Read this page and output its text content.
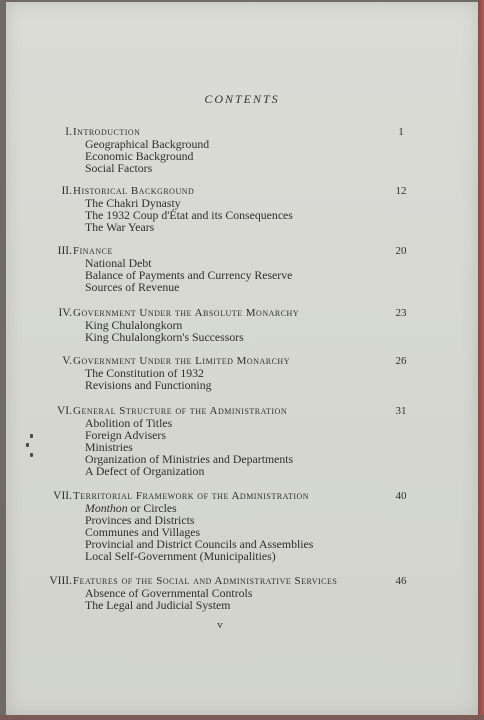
CONTENTS
I. Introduction	1
Geographical Background
Economic Background
Social Factors
II. Historical Background	12
The Chakri Dynasty
The 1932 Coup d'État and its Consequences
The War Years
III. Finance	20
National Debt
Balance of Payments and Currency Reserve
Sources of Revenue
IV. Government Under the Absolute Monarchy	23
King Chulalongkorn
King Chulalongkorn's Successors
V. Government Under the Limited Monarchy	26
The Constitution of 1932
Revisions and Functioning
VI. General Structure of the Administration	31
Abolition of Titles
Foreign Advisers
Ministries
Organization of Ministries and Departments
A Defect of Organization
VII. Territorial Framework of the Administration	40
Monthon or Circles
Provinces and Districts
Communes and Villages
Provincial and District Councils and Assemblies
Local Self-Government (Municipalities)
VIII. Features of the Social and Administrative Services	46
Absence of Governmental Controls
The Legal and Judicial System
v
